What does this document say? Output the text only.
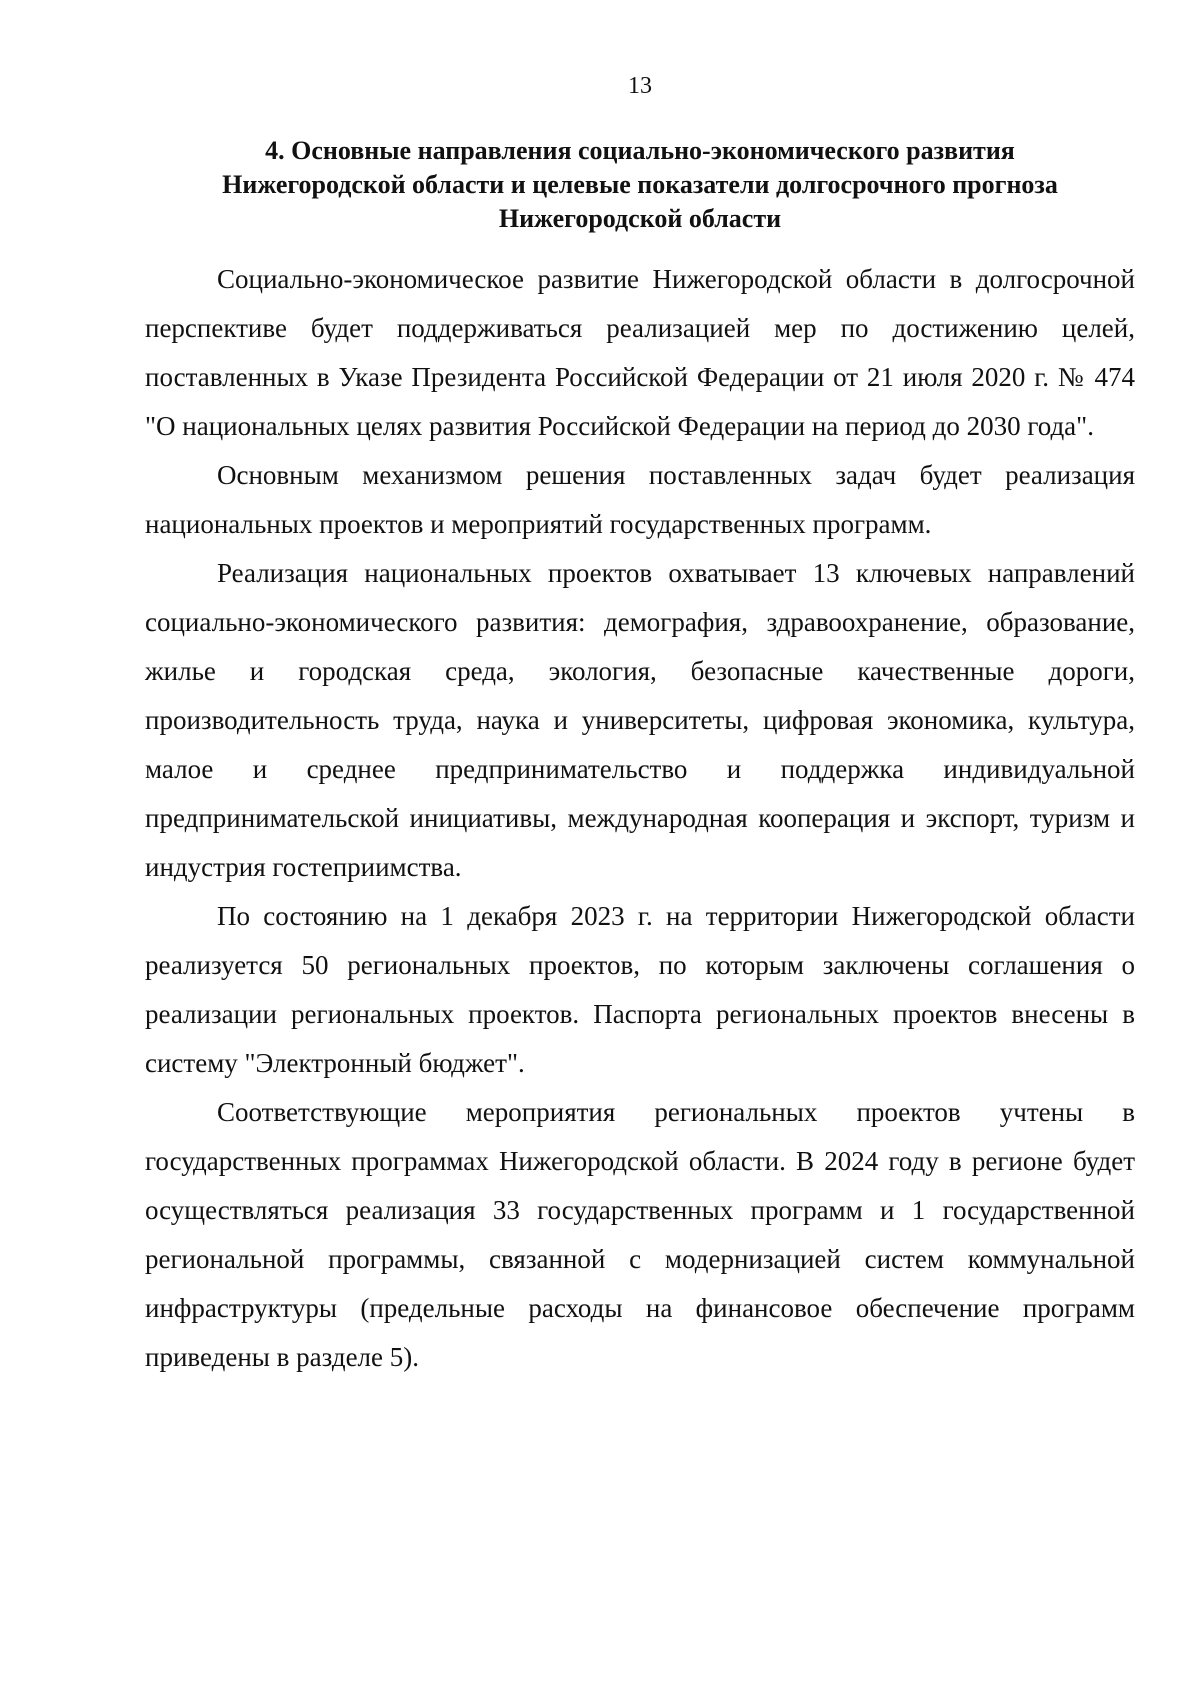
13
4. Основные направления социально-экономического развития
Нижегородской области и целевые показатели долгосрочного прогноза
Нижегородской области

Социально-экономическое развитие Нижегородской области в долгосрочной перспективе будет поддерживаться реализацией мер по достижению целей, поставленных в Указе Президента Российской Федерации от 21 июля 2020 г. № 474 "О национальных целях развития Российской Федерации на период до 2030 года".

Основным механизмом решения поставленных задач будет реализация национальных проектов и мероприятий государственных программ.

Реализация национальных проектов охватывает 13 ключевых направлений социально-экономического развития: демография, здравоохранение, образование, жилье и городская среда, экология, безопасные качественные дороги, производительность труда, наука и университеты, цифровая экономика, культура, малое и среднее предпринимательство и поддержка индивидуальной предпринимательской инициативы, международная кооперация и экспорт, туризм и индустрия гостеприимства.

По состоянию на 1 декабря 2023 г. на территории Нижегородской области реализуется 50 региональных проектов, по которым заключены соглашения о реализации региональных проектов. Паспорта региональных проектов внесены в систему "Электронный бюджет".

Соответствующие мероприятия региональных проектов учтены в государственных программах Нижегородской области. В 2024 году в регионе будет осуществляться реализация 33 государственных программ и 1 государственной региональной программы, связанной с модернизацией систем коммунальной инфраструктуры (предельные расходы на финансовое обеспечение программ приведены в разделе 5).
